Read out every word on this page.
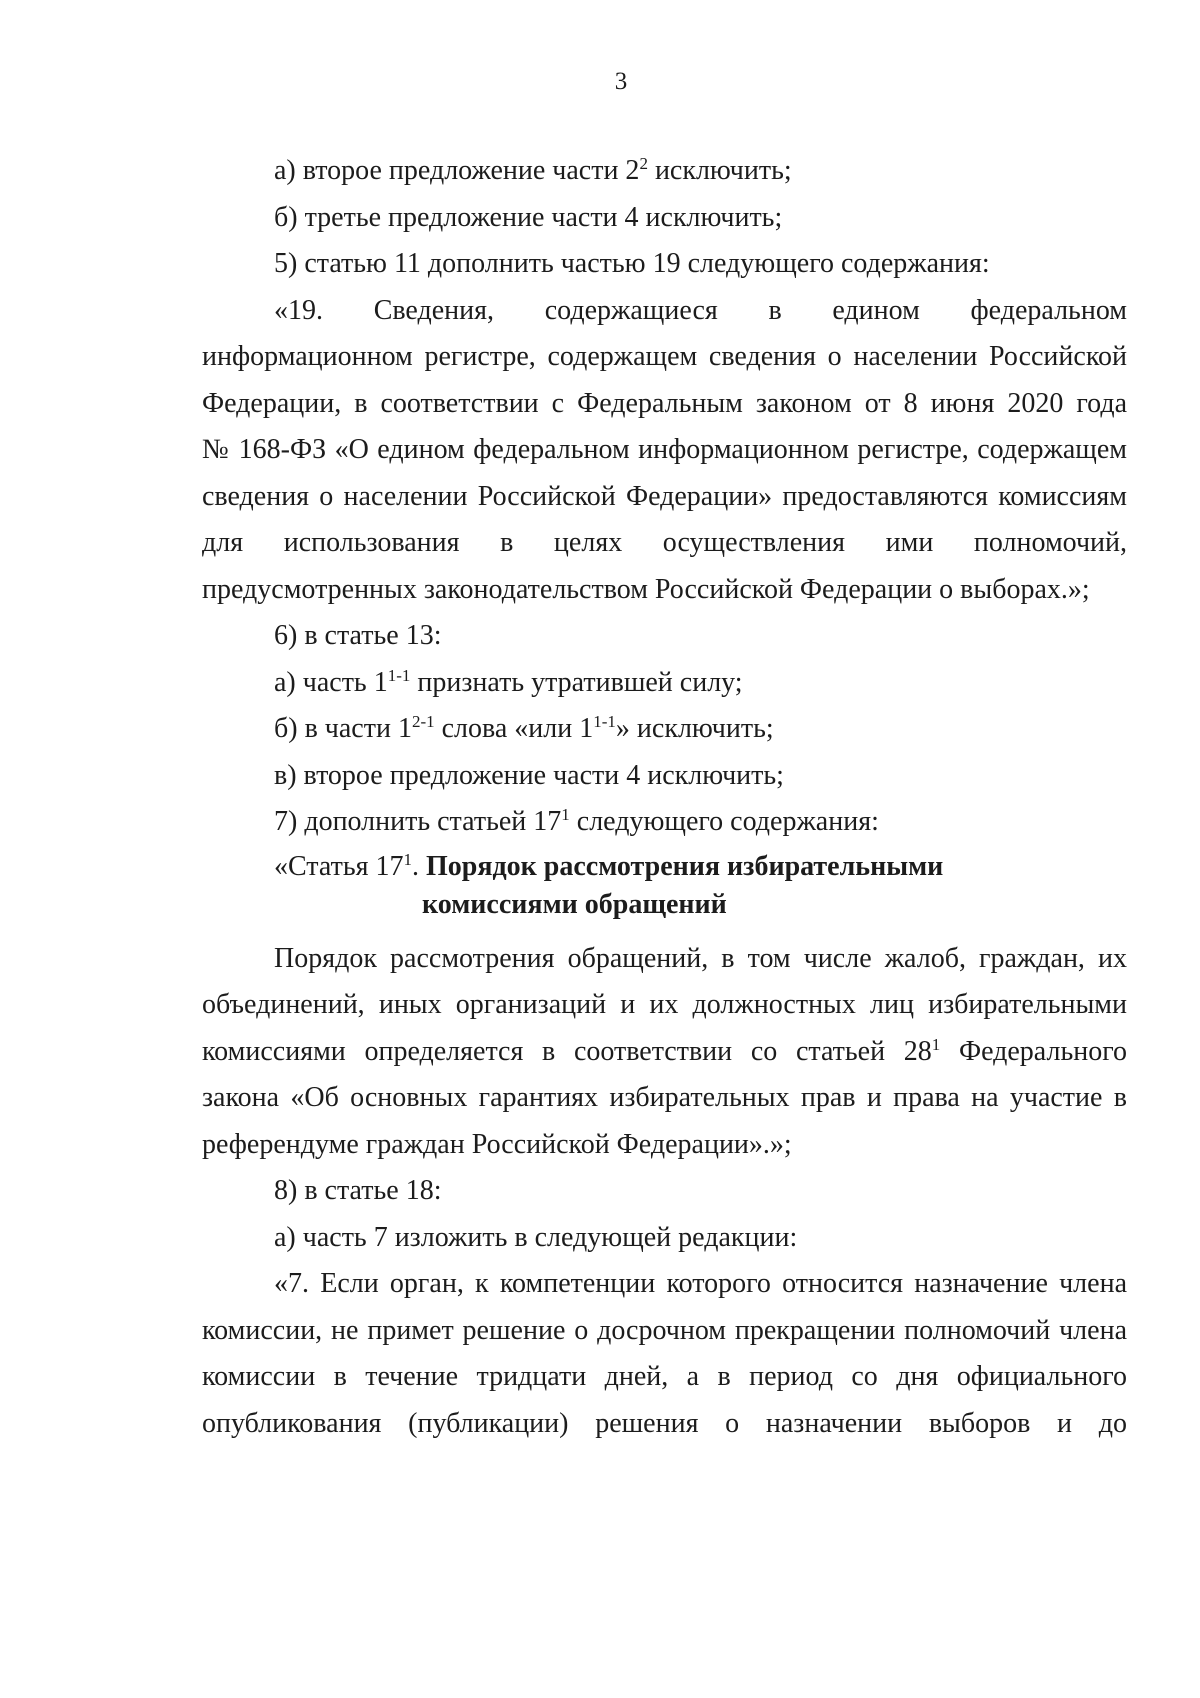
3
а) второе предложение части $2^2$ исключить;
б) третье предложение части 4 исключить;
5) статью 11 дополнить частью 19 следующего содержания:
«19. Сведения, содержащиеся в едином федеральном
информационном регистре, содержащем сведения о населении Российской
Федерации, в соответствии с Федеральным законом от 8 июня 2020 года
№ 168-ФЗ «О едином федеральном информационном регистре, содержащем
сведения о населении Российской Федерации» предоставляются комиссиям
для использования в целях осуществления ими полномочий,
предусмотренных законодательством Российской Федерации о выборах.»;
6) в статье 13:
а) часть 1$^{1-1}$ признать утратившей силу;
б) в части 1$^{2-1}$ слова «или 1$^{1-1}$» исключить;
в) второе предложение части 4 исключить;
7) дополнить статьей $17^1$ следующего содержания:
«Статья $17^1$. Порядок рассмотрения избирательными
комиссиями обращений
Порядок рассмотрения обращений, в том числе жалоб, граждан, их
объединений, иных организаций и их должностных лиц избирательными
комиссиями определяется в соответствии со статьей $28^1$ Федерального
закона «Об основных гарантиях избирательных прав и права на участие в
референдуме граждан Российской Федерации».»;
8) в статье 18:
а) часть 7 изложить в следующей редакции:
«7. Если орган, к компетенции которого относится назначение члена
комиссии, не примет решение о досрочном прекращении полномочий члена
комиссии в течение тридцати дней, а в период со дня официального
опубликования (публикации) решения о назначении выборов и до
